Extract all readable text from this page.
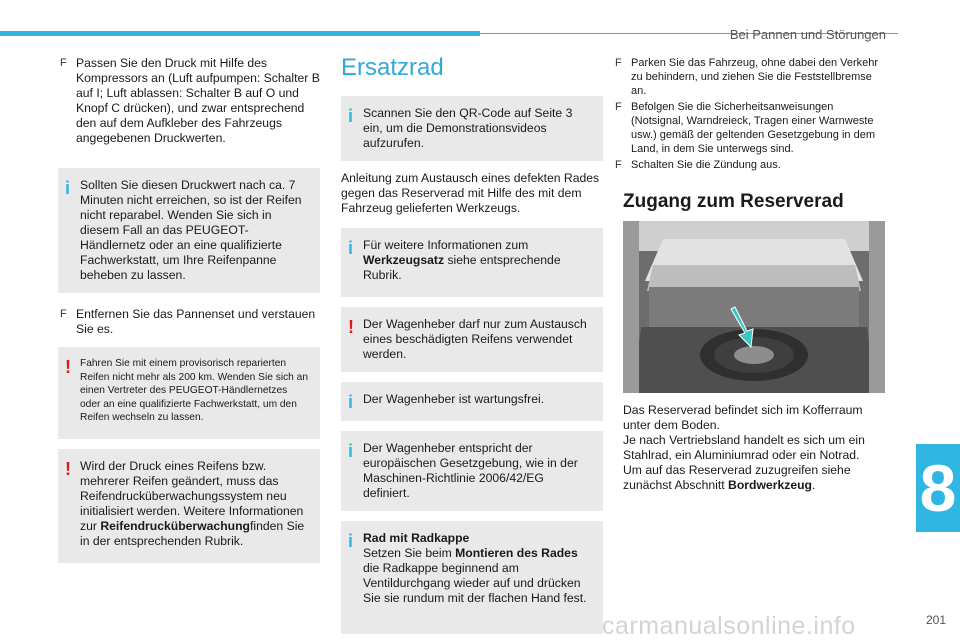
Bei Pannen und Störungen
F Passen Sie den Druck mit Hilfe des Kompressors an (Luft aufpumpen: Schalter B auf I; Luft ablassen: Schalter B auf O und Knopf C drücken), und zwar entsprechend den auf dem Aufkleber des Fahrzeugs angegebenen Druckwerten.
i Sollten Sie diesen Druckwert nach ca. 7 Minuten nicht erreichen, so ist der Reifen nicht reparabel. Wenden Sie sich in diesem Fall an das PEUGEOT-Händlernetz oder an eine qualifizierte Fachwerkstatt, um Ihre Reifenpanne beheben zu lassen.
F Entfernen Sie das Pannenset und verstauen Sie es.
! Fahren Sie mit einem provisorisch reparierten Reifen nicht mehr als 200 km. Wenden Sie sich an einen Vertreter des PEUGEOT-Händlernetzes oder an eine qualifizierte Fachwerkstatt, um den Reifen wechseln zu lassen.
! Wird der Druck eines Reifens bzw. mehrerer Reifen geändert, muss das Reifendrucküberwachungssystem neu initialisiert werden. Weitere Informationen zur Reifendrucküberwachungfinden Sie in der entsprechenden Rubrik.
Ersatzrad
i Scannen Sie den QR-Code auf Seite 3 ein, um die Demonstrationsvideos aufzurufen.

Anleitung zum Austausch eines defekten Rades gegen das Reserverad mit Hilfe des mit dem Fahrzeug gelieferten Werkzeugs.

i Für weitere Informationen zum Werkzeugsatz siehe entsprechende Rubrik.
! Der Wagenheber darf nur zum Austausch eines beschädigten Reifens verwendet werden.
i Der Wagenheber ist wartungsfrei.
i Der Wagenheber entspricht der europäischen Gesetzgebung, wie in der Maschinen-Richtlinie 2006/42/EG definiert.
i Rad mit Radkappe
Setzen Sie beim Montieren des Rades die Radkappe beginnend am Ventildurchgang wieder auf und drücken Sie sie rundum mit der flachen Hand fest.
F Parken Sie das Fahrzeug, ohne dabei den Verkehr zu behindern, und ziehen Sie die Feststellbremse an.
F Befolgen Sie die Sicherheitsanweisungen (Notsignal, Warndreieck, Tragen einer Warnweste usw.) gemäß der geltenden Gesetzgebung in dem Land, in dem Sie unterwegs sind.
F Schalten Sie die Zündung aus.
Zugang zum Reserverad
Das Reserverad befindet sich im Kofferraum unter dem Boden.
Je nach Vertriebsland handelt es sich um ein Stahlrad, ein Aluminiumrad oder ein Notrad.
Um auf das Reserverad zuzugreifen siehe zunächst Abschnitt Bordwerkzeug.	8
carmanualsonline.info	201
